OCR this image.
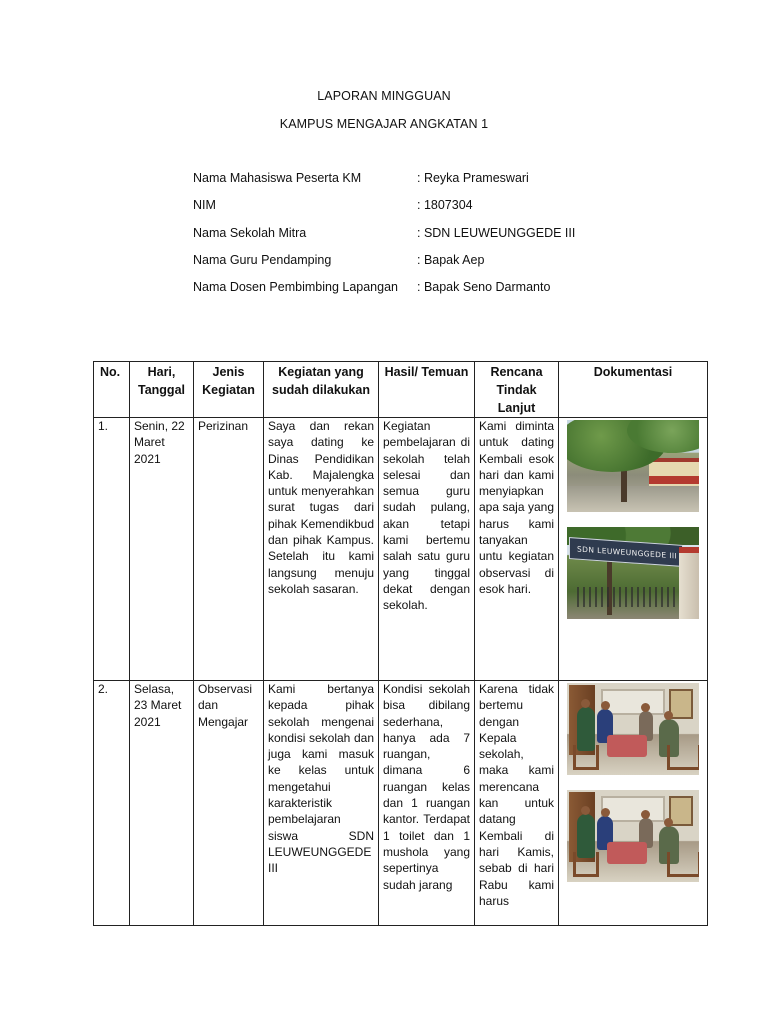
LAPORAN MINGGUAN
KAMPUS MENGAJAR ANGKATAN 1
Nama Mahasiswa Peserta KM	: Reyka Prameswari
NIM	: 1807304
Nama Sekolah Mitra	: SDN LEUWEUNGGEDE III
Nama Guru Pendamping	: Bapak Aep
Nama Dosen Pembimbing Lapangan : Bapak Seno Darmanto
No.	Hari, Tanggal	Jenis Kegiatan	Kegiatan yang sudah dilakukan	Hasil/ Temuan	Rencana Tindak Lanjut	Dokumentasi
1.	Senin, 22 Maret 2021	Perizinan	Saya dan rekan saya dating ke Dinas Pendidikan Kab. Majalengka untuk menyerahkan surat tugas dari pihak Kemendikbud dan pihak Kampus. Setelah itu kami langsung menuju sekolah sasaran.	Kegiatan pembelajaran di sekolah telah selesai dan semua guru sudah pulang, akan tetapi kami bertemu salah satu guru yang tinggal dekat dengan sekolah.	Kami diminta untuk dating Kembali esok hari dan kami menyiapkan apa saja yang harus kami tanyakan untu kegiatan observasi di esok hari.	SDN LEUWEUNGGEDE III

2.	Selasa, 23 Maret 2021	Observasi dan Mengajar	Kami bertanya kepada pihak sekolah mengenai kondisi sekolah dan juga kami masuk ke kelas untuk mengetahui karakteristik pembelajaran siswa SDN LEUWEUNGGEDE III	Kondisi sekolah bisa dibilang sederhana, hanya ada 7 ruangan, dimana 6 ruangan kelas dan 1 ruangan kantor. Terdapat 1 toilet dan 1 mushola yang sepertinya sudah jarang	Karena tidak bertemu dengan Kepala sekolah, maka kami merencana kan untuk datang Kembali di hari Kamis, sebab di hari Rabu kami harus	
